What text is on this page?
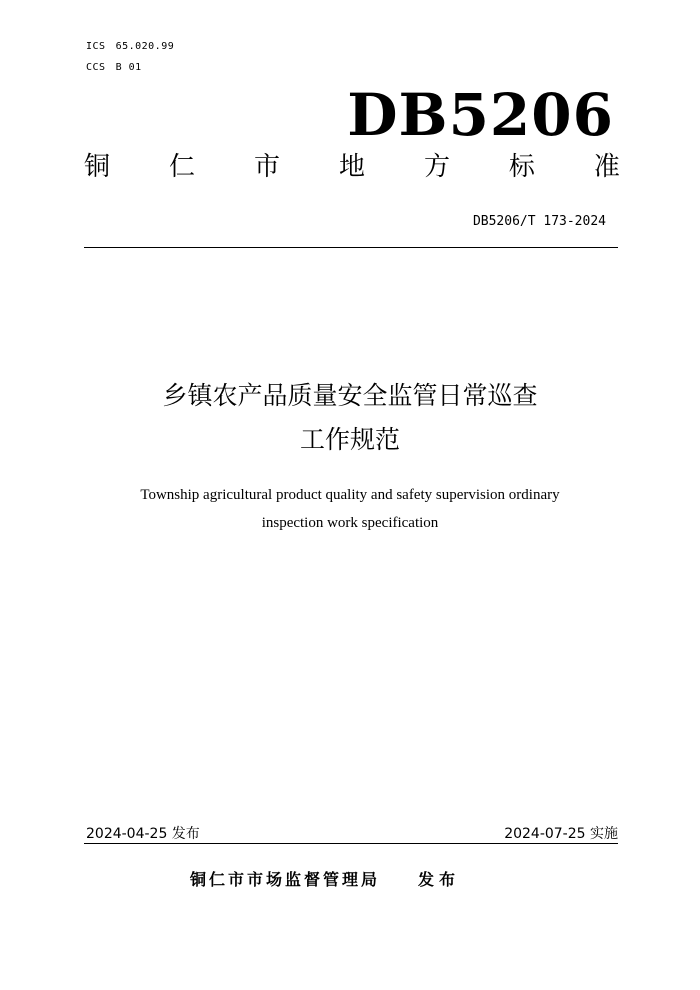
ICS 65.020.99
CCS B 01
DB5206
铜 仁 市 地 方 标 准
DB5206/T 173-2024
乡镇农产品质量安全监管日常巡查
工作规范
Township agricultural product quality and safety supervision ordinary
inspection work specification
2024-04-25 发布	2024-07-25 实施
铜仁市市场监督管理局 发布
